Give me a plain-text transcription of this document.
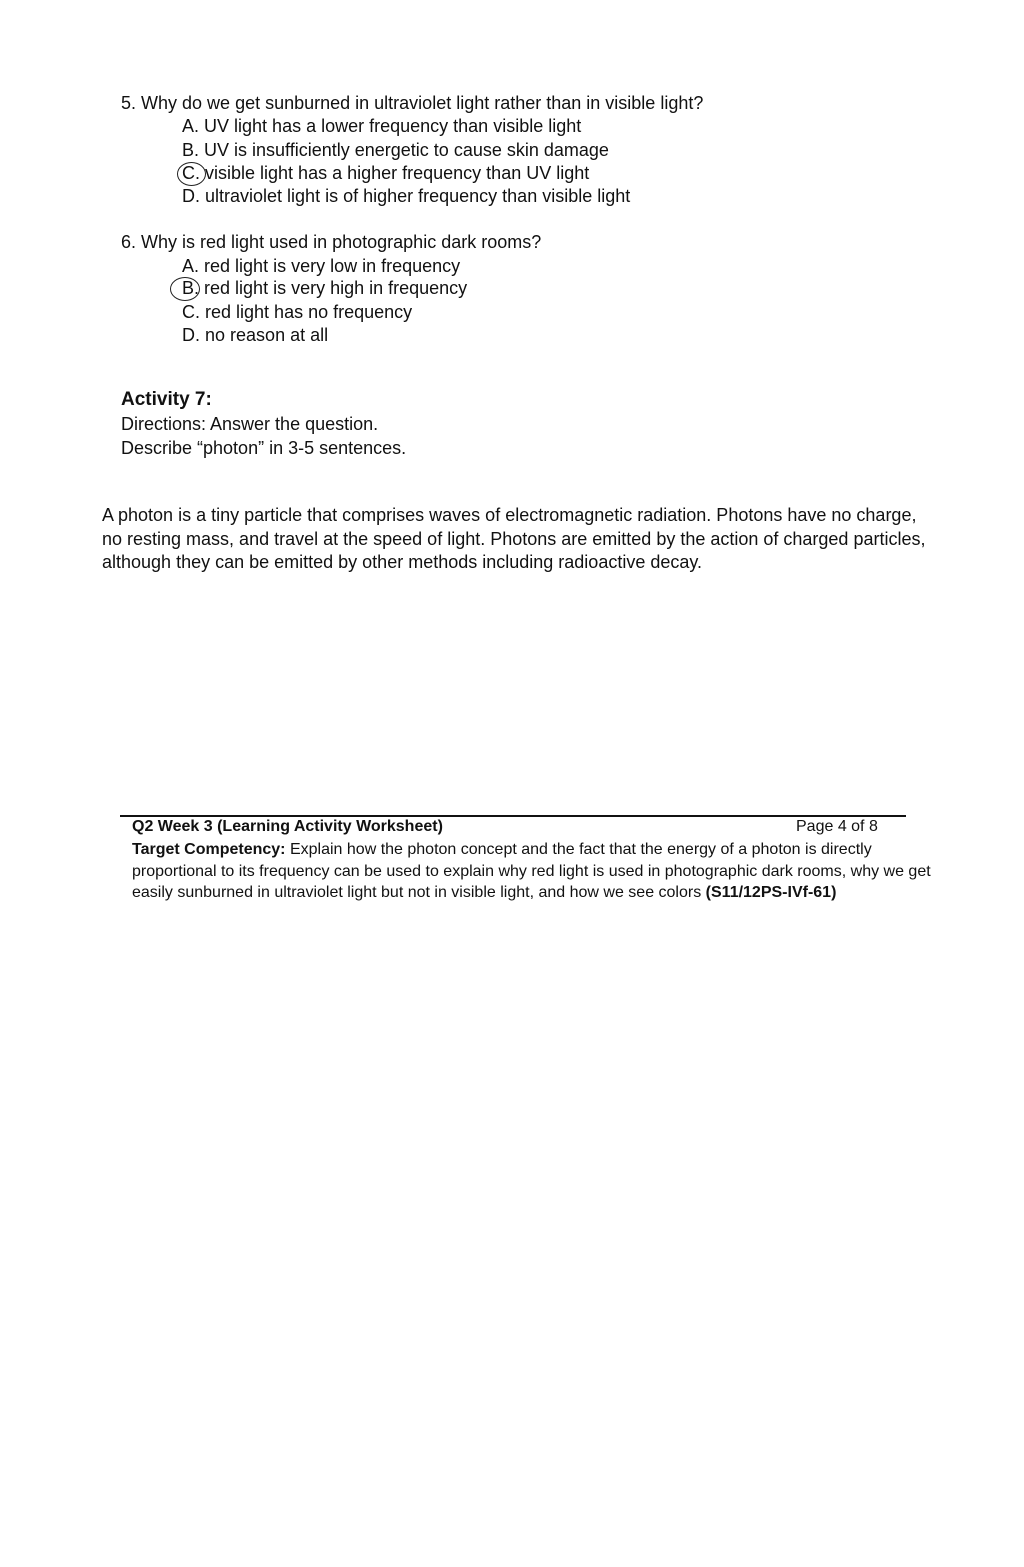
5. Why do we get sunburned in ultraviolet light rather than in visible light?
A. UV light has a lower frequency than visible light
B. UV is insufficiently energetic to cause skin damage
C. visible light has a higher frequency than UV light
D. ultraviolet light is of higher frequency than visible light
6. Why is red light used in photographic dark rooms?
A. red light is very low in frequency
B. red light is very high in frequency
C. red light has no frequency
D. no reason at all
Activity 7:
Directions: Answer the question.
Describe “photon” in 3-5 sentences.
A photon is a tiny particle that comprises waves of electromagnetic radiation. Photons have no charge, no resting mass, and travel at the speed of light. Photons are emitted by the action of charged particles, although they can be emitted by other methods including radioactive decay.
Q2 Week 3 (Learning Activity Worksheet)	Page 4 of 8
Target Competency: Explain how the photon concept and the fact that the energy of a photon is directly proportional to its frequency can be used to explain why red light is used in photographic dark rooms, why we get easily sunburned in ultraviolet light but not in visible light, and how we see colors (S11/12PS-IVf-61)
